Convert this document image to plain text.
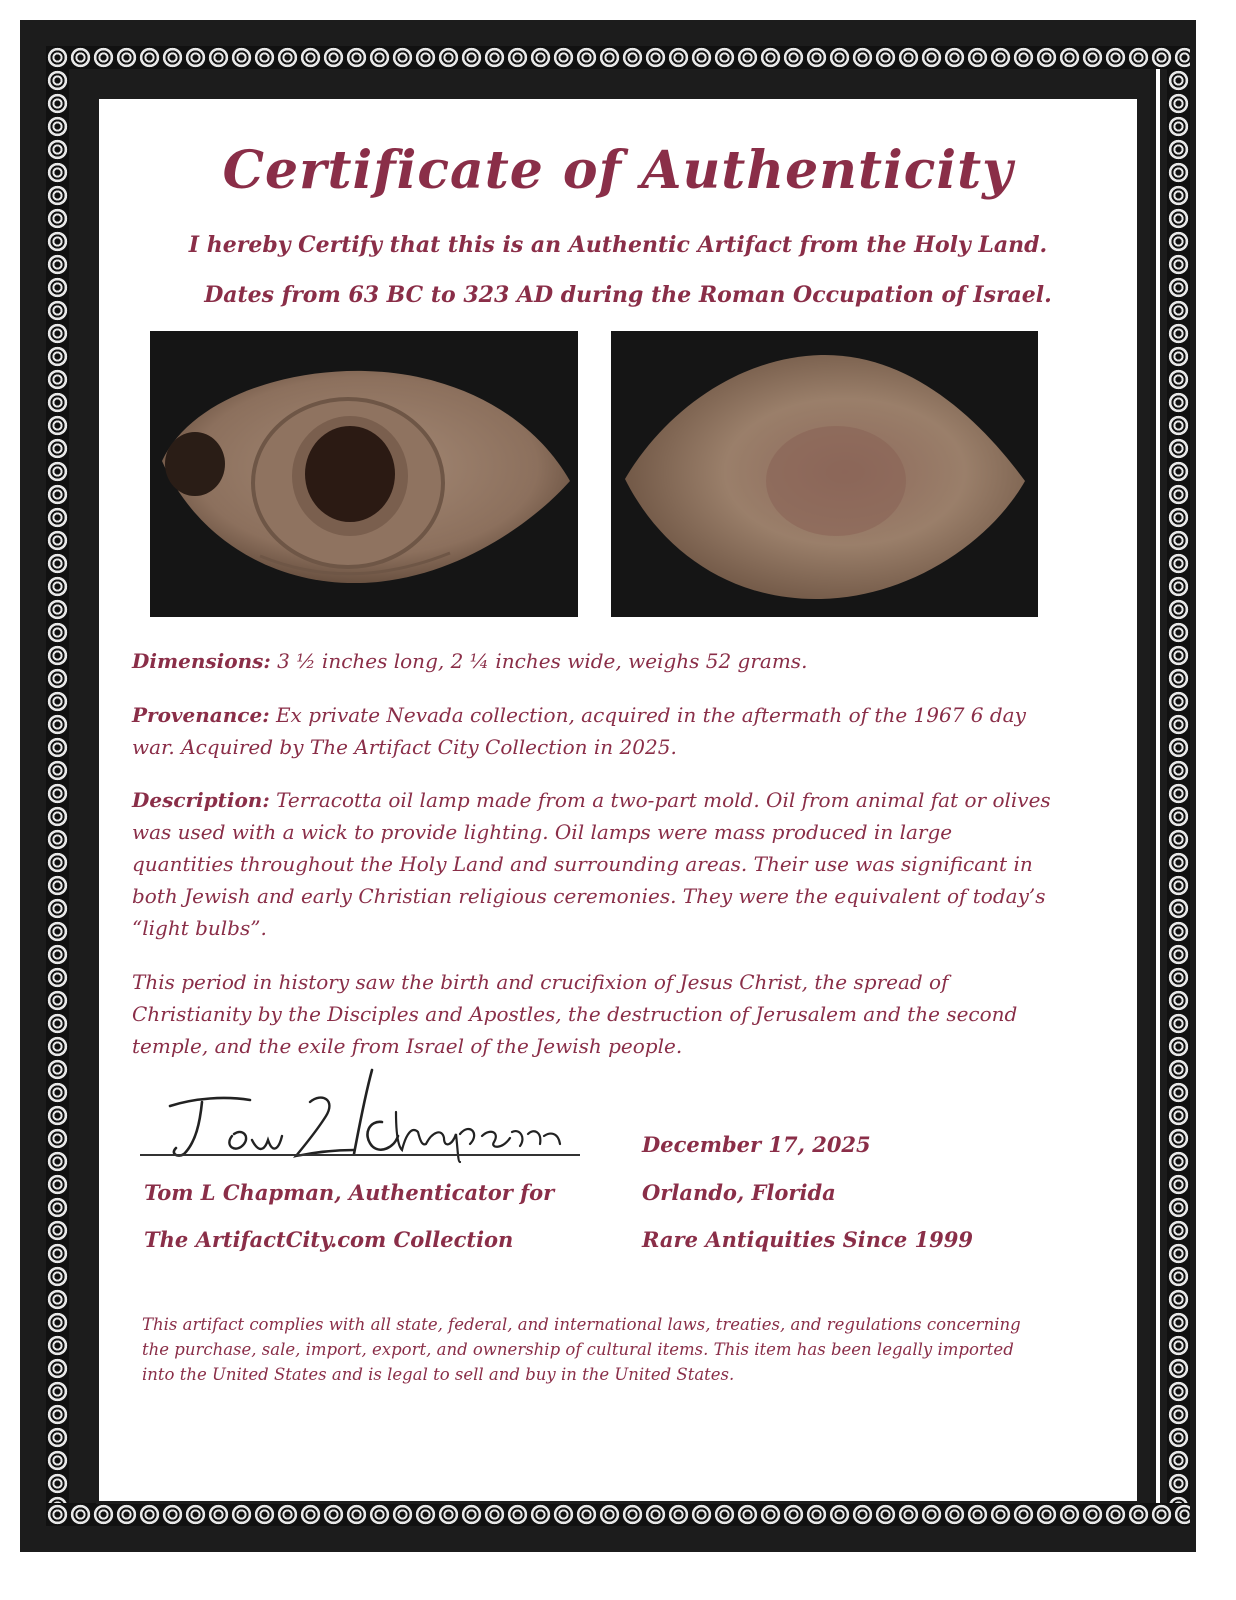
Certificate of Authenticity
I hereby Certify that this is an Authentic Artifact from the Holy Land.
Dates from 63 BC to 323 AD during the Roman Occupation of Israel.
Dimensions: 3 ½ inches long, 2 ¼ inches wide, weighs 52 grams.
Provenance: Ex private Nevada collection, acquired in the aftermath of the 1967 6 day war. Acquired by The Artifact City Collection in 2025.
Description: Terracotta oil lamp made from a two-part mold. Oil from animal fat or olives was used with a wick to provide lighting. Oil lamps were mass produced in large quantities throughout the Holy Land and surrounding areas. Their use was significant in both Jewish and early Christian religious ceremonies. They were the equivalent of today’s “light bulbs”.
This period in history saw the birth and crucifixion of Jesus Christ, the spread of Christianity by the Disciples and Apostles, the destruction of Jerusalem and the second temple, and the exile from Israel of the Jewish people.
Tom L Chapman, Authenticator for
The ArtifactCity.com Collection
December 17, 2025
Orlando, Florida
Rare Antiquities Since 1999
This artifact complies with all state, federal, and international laws, treaties, and regulations concerning the purchase, sale, import, export, and ownership of cultural items. This item has been legally imported into the United States and is legal to sell and buy in the United States.
